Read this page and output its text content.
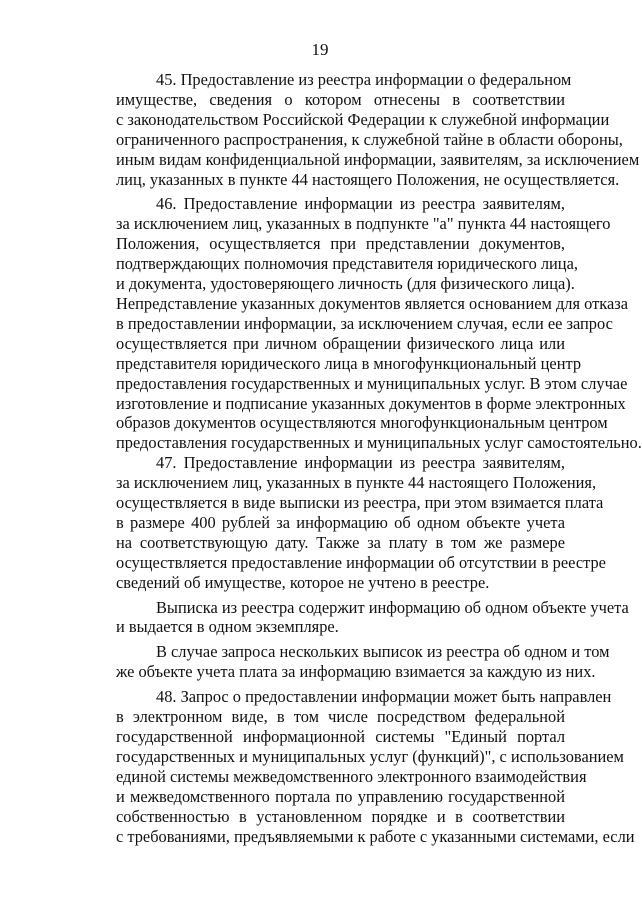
19
45. Предоставление из реестра информации о федеральном
имуществе, сведения о котором отнесены в соответствии
с законодательством Российской Федерации к служебной информации
ограниченного распространения, к служебной тайне в области обороны,
иным видам конфиденциальной информации, заявителям, за исключением
лиц, указанных в пункте 44 настоящего Положения, не осуществляется.
46. Предоставление информации из реестра заявителям,
за исключением лиц, указанных в подпункте "а" пункта 44 настоящего
Положения, осуществляется при представлении документов,
подтверждающих полномочия представителя юридического лица,
и документа, удостоверяющего личность (для физического лица).
Непредставление указанных документов является основанием для отказа
в предоставлении информации, за исключением случая, если ее запрос
осуществляется при личном обращении физического лица или
представителя юридического лица в многофункциональный центр
предоставления государственных и муниципальных услуг. В этом случае
изготовление и подписание указанных документов в форме электронных
образов документов осуществляются многофункциональным центром
предоставления государственных и муниципальных услуг самостоятельно.
47. Предоставление информации из реестра заявителям,
за исключением лиц, указанных в пункте 44 настоящего Положения,
осуществляется в виде выписки из реестра, при этом взимается плата
в размере 400 рублей за информацию об одном объекте учета
на соответствующую дату. Также за плату в том же размере
осуществляется предоставление информации об отсутствии в реестре
сведений об имуществе, которое не учтено в реестре.
Выписка из реестра содержит информацию об одном объекте учета
и выдается в одном экземпляре.
В случае запроса нескольких выписок из реестра об одном и том
же объекте учета плата за информацию взимается за каждую из них.
48. Запрос о предоставлении информации может быть направлен
в электронном виде, в том числе посредством федеральной
государственной информационной системы "Единый портал
государственных и муниципальных услуг (функций)", с использованием
единой системы межведомственного электронного взаимодействия
и межведомственного портала по управлению государственной
собственностью в установленном порядке и в соответствии
с требованиями, предъявляемыми к работе с указанными системами, если
